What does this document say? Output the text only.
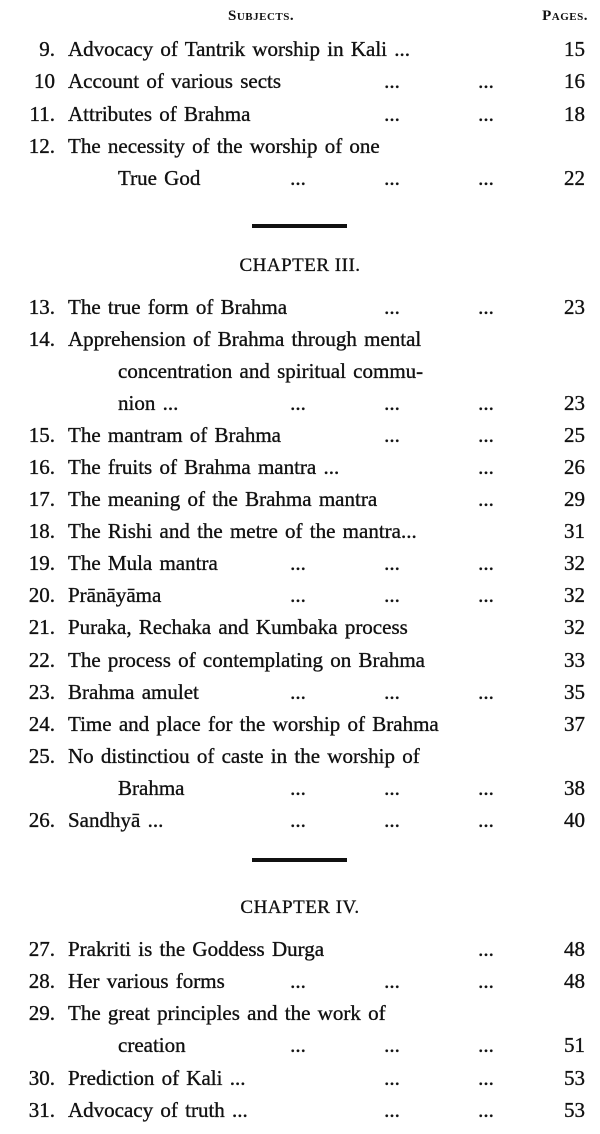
Subjects.	Pages.
9. Advocacy of Tantrik worship in Kali ...	15
10 Account of various sects	...	...	16
11. Attributes of Brahma	...	...	18
12. The necessity of the worship of one
True God	...	...	...	22
CHAPTER III.
13. The true form of Brahma	...	...	23
14. Apprehension of Brahma through mental
concentration and spiritual commu-
nion ...	...	...	...	23
15. The mantram of Brahma	...	...	25
16. The fruits of Brahma mantra ...	...	26
17. The meaning of the Brahma mantra	...	29
18. The Rishi and the metre of the mantra...	31
19. The Mula mantra	...	...	...	32
20. Prānāyāma	...	...	...	32
21. Puraka, Rechaka and Kumbaka process	32
22. The process of contemplating on Brahma	33
23. Brahma amulet	...	...	...	35
24. Time and place for the worship of Brahma	37
25. No distinctiou of caste in the worship of
Brahma	...	...	...	38
26. Sandhyā ...	...	...	...	40
CHAPTER IV.
27. Prakriti is the Goddess Durga	...	48
28. Her various forms	...	...	...	48
29. The great principles and the work of
creation	...	...	...	51
30. Prediction of Kali ...	...	...	53
31. Advocacy of truth ...	...	...	53
